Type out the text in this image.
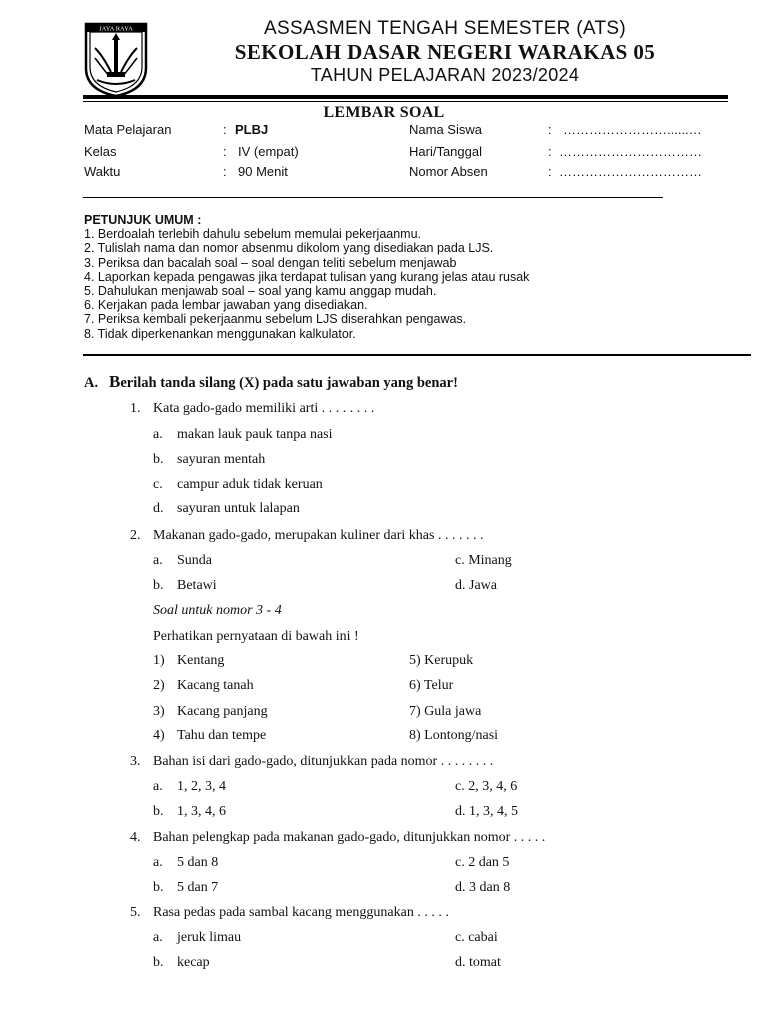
JAYA RAYA	ASSASMEN TENGAH SEMESTER (ATS)
SEKOLAH DASAR NEGERI WARAKAS 05
TAHUN PELAJARAN 2023/2024
LEMBAR SOAL
Mata Pelajaran	: PLBJ
Kelas	: IV (empat)
Waktu	: 90 Menit
Nama Siswa	: ……………………......…
Hari/Tanggal	: ……………………………
Nomor Absen	: ……………………………
PETUNJUK UMUM :
1. Berdoalah terlebih dahulu sebelum memulai pekerjaanmu.
2. Tulislah nama dan nomor absenmu dikolom yang disediakan pada LJS.
3. Periksa dan bacalah soal – soal dengan teliti sebelum menjawab
4. Laporkan kepada pengawas jika terdapat tulisan yang kurang jelas atau rusak
5. Dahulukan menjawab soal – soal yang kamu anggap mudah.
6. Kerjakan pada lembar jawaban yang disediakan.
7. Periksa kembali pekerjaanmu sebelum LJS diserahkan pengawas.
8. Tidak diperkenankan menggunakan kalkulator.
A. Berilah tanda silang (X) pada satu jawaban yang benar!
1. Kata gado-gado memiliki arti . . . . . . . .
a. makan lauk pauk tanpa nasi
b. sayuran mentah
c. campur aduk tidak keruan
d. sayuran untuk lalapan
2. Makanan gado-gado, merupakan kuliner dari khas . . . . . . .
a. Sunda	c. Minang
b. Betawi	d. Jawa
Soal untuk nomor 3 - 4
Perhatikan pernyataan di bawah ini !
1) Kentang	5) Kerupuk
2) Kacang tanah	6) Telur
3) Kacang panjang	7) Gula jawa
4) Tahu dan tempe	8) Lontong/nasi
3. Bahan isi dari gado-gado, ditunjukkan pada nomor . . . . . . . .
a. 1, 2, 3, 4	c. 2, 3, 4, 6
b. 1, 3, 4, 6	d. 1, 3, 4, 5
4. Bahan pelengkap pada makanan gado-gado, ditunjukkan nomor . . . . .
a. 5 dan 8	c. 2 dan 5
b. 5 dan 7	d. 3 dan 8
5. Rasa pedas pada sambal kacang menggunakan . . . . .
a. jeruk limau	c. cabai
b. kecap	d. tomat
